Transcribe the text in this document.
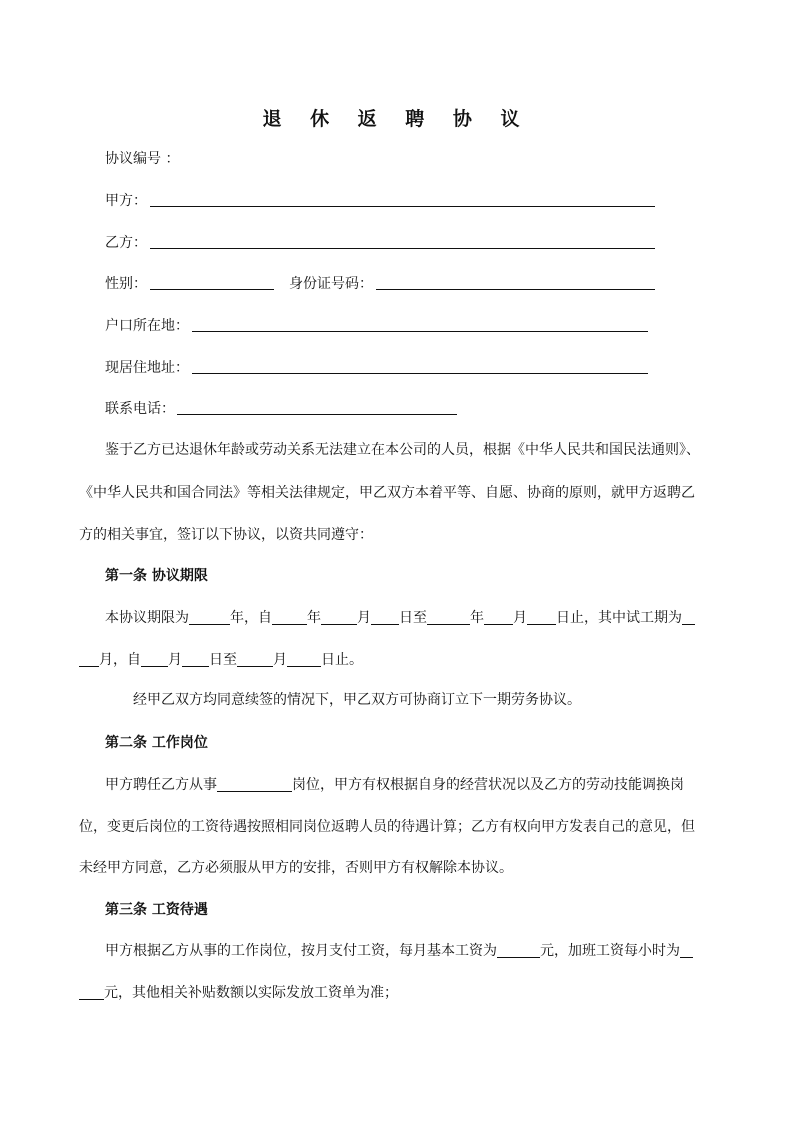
退 休 返 聘 协 议
协议编号 ：
甲方：
乙方：
性别：	身份证号码：
户口所在地：
现居住地址：
联系电话：
鉴于乙方已达退休年龄或劳动关系无法建立在本公司的人员，根据《中华人民共和国民法通则》、
《中华人民共和国合同法》等相关法律规定，甲乙双方本着平等、自愿、协商的原则，就甲方返聘乙
方的相关事宜，签订以下协议，以资共同遵守：
第一条 协议期限
本协议期限为	年，自	年	月 日至	年 月 日止，其中试工期为
月，自 月 日至	月 日止。
经甲乙双方均同意续签的情况下，甲乙双方可协商订立下一期劳务协议。
第二条 工作岗位
甲方聘任乙方从事	岗位，甲方有权根据自身的经营状况以及乙方的劳动技能调换岗
位，变更后岗位的工资待遇按照相同岗位返聘人员的待遇计算；乙方有权向甲方发表自己的意见，但
未经甲方同意，乙方必须服从甲方的安排，否则甲方有权解除本协议。
第三条 工资待遇
甲方根据乙方从事的工作岗位，按月支付工资，每月基本工资为	元，加班工资每小时为
元，其他相关补贴数额以实际发放工资单为准；
